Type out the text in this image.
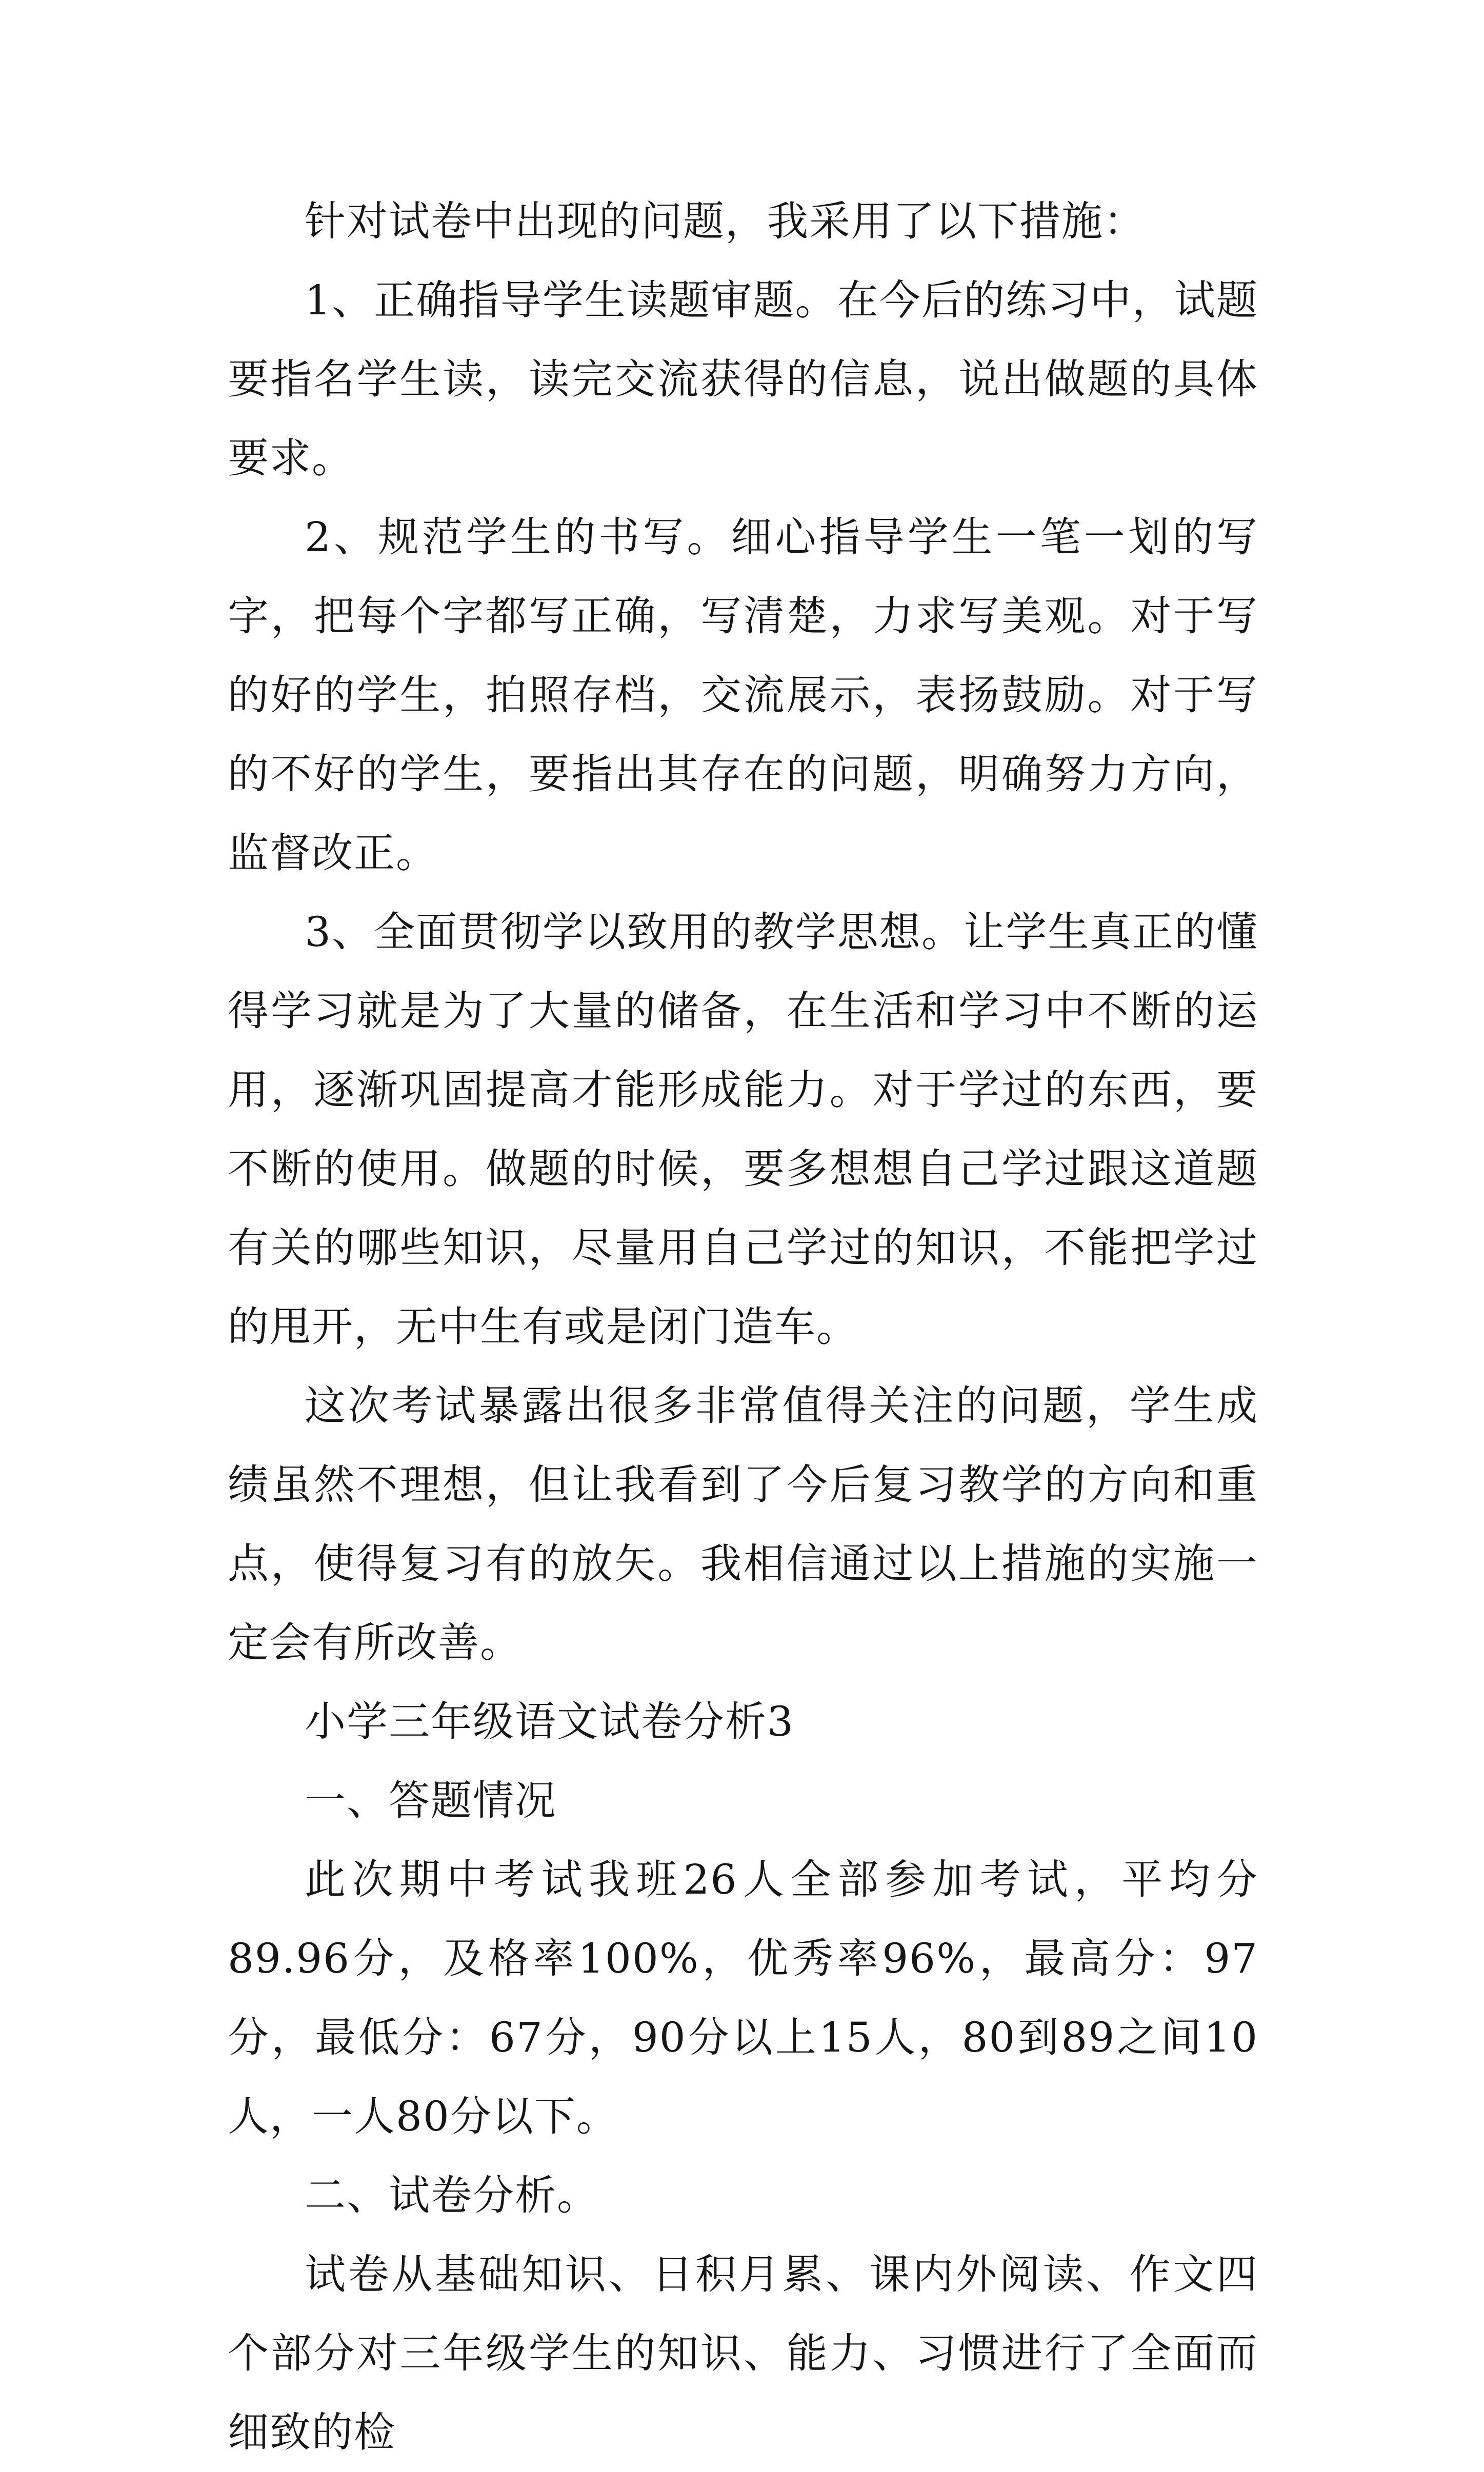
针对试卷中出现的问题，我采用了以下措施：

1、正确指导学生读题审题。在今后的练习中，试题要指名学生读，读完交流获得的信息，说出做题的具体要求。

2、规范学生的书写。细心指导学生一笔一划的写字，把每个字都写正确，写清楚，力求写美观。对于写的好的学生，拍照存档，交流展示，表扬鼓励。对于写的不好的学生，要指出其存在的问题，明确努力方向，监督改正。

3、全面贯彻学以致用的教学思想。让学生真正的懂得学习就是为了大量的储备，在生活和学习中不断的运用，逐渐巩固提高才能形成能力。对于学过的东西，要不断的使用。做题的时候，要多想想自己学过跟这道题有关的哪些知识，尽量用自己学过的知识，不能把学过的甩开，无中生有或是闭门造车。

这次考试暴露出很多非常值得关注的问题，学生成绩虽然不理想，但让我看到了今后复习教学的方向和重点，使得复习有的放矢。我相信通过以上措施的实施一定会有所改善。

小学三年级语文试卷分析3

一、答题情况

此次期中考试我班26人全部参加考试，平均分89.96分，及格率100%，优秀率96%，最高分：97分，最低分：67分，90分以上15人，80到89之间10人，一人80分以下。

二、试卷分析。

试卷从基础知识、日积月累、课内外阅读、作文四个部分对三年级学生的知识、能力、习惯进行了全面而细致的检
